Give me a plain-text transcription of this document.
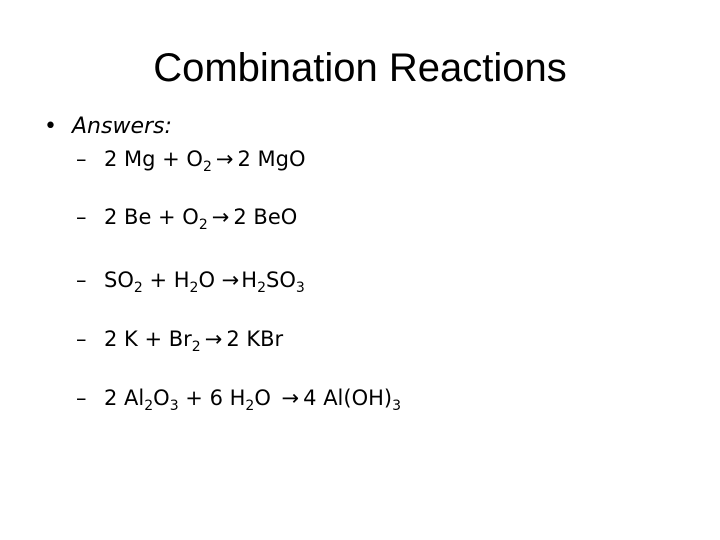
Combination Reactions
• Answers:
– 2 $Mg + O_2 \to 2$ MgO
– 2 $Be + O_2 \to 2$ BeO
– $SO_2 + H_2O \to H_2SO_3$
– 2 $K + Br_2 \to 2$ KBr
– 2 $Al_2O_3 + 6$ $H_2O \to 4$ $Al(OH)_3$
